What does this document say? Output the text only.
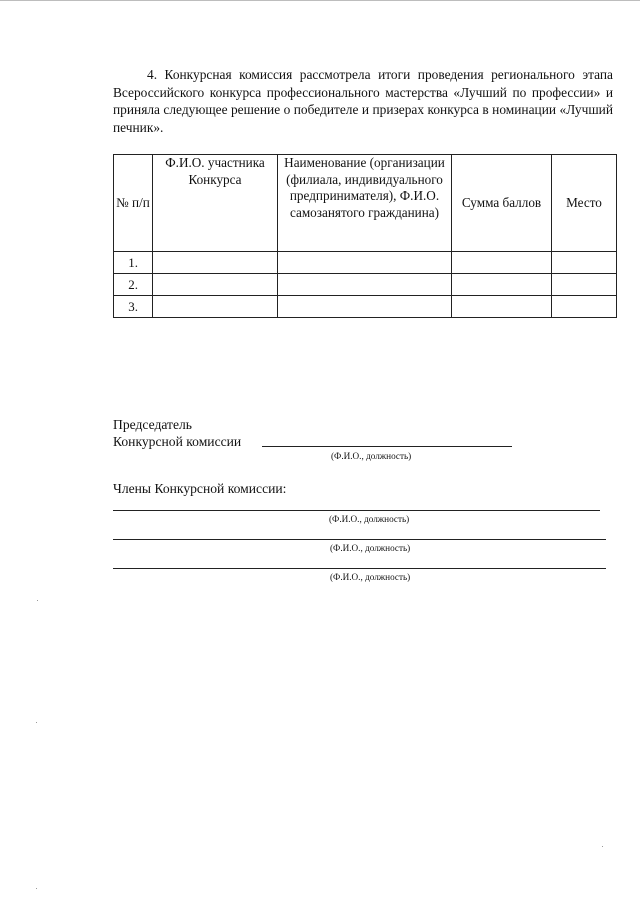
4. Конкурсная комиссия рассмотрела итоги проведения регионального этапа Всероссийского конкурса профессионального мастерства «Лучший по профессии» и приняла следующее решение о победителе и призерах конкурса в номинации «Лучший печник».

№ п/п	Ф.И.О. участника Конкурса	Наименование (организации (филиала, индивидуального предпринимателя), Ф.И.О. самозанятого гражданина)	Сумма баллов	Место
1.				
2.				
3.				
Председатель
Конкурсной комиссии
(Ф.И.О., должность)
Члены Конкурсной комиссии:
(Ф.И.О., должность)
(Ф.И.О., должность)
(Ф.И.О., должность)
